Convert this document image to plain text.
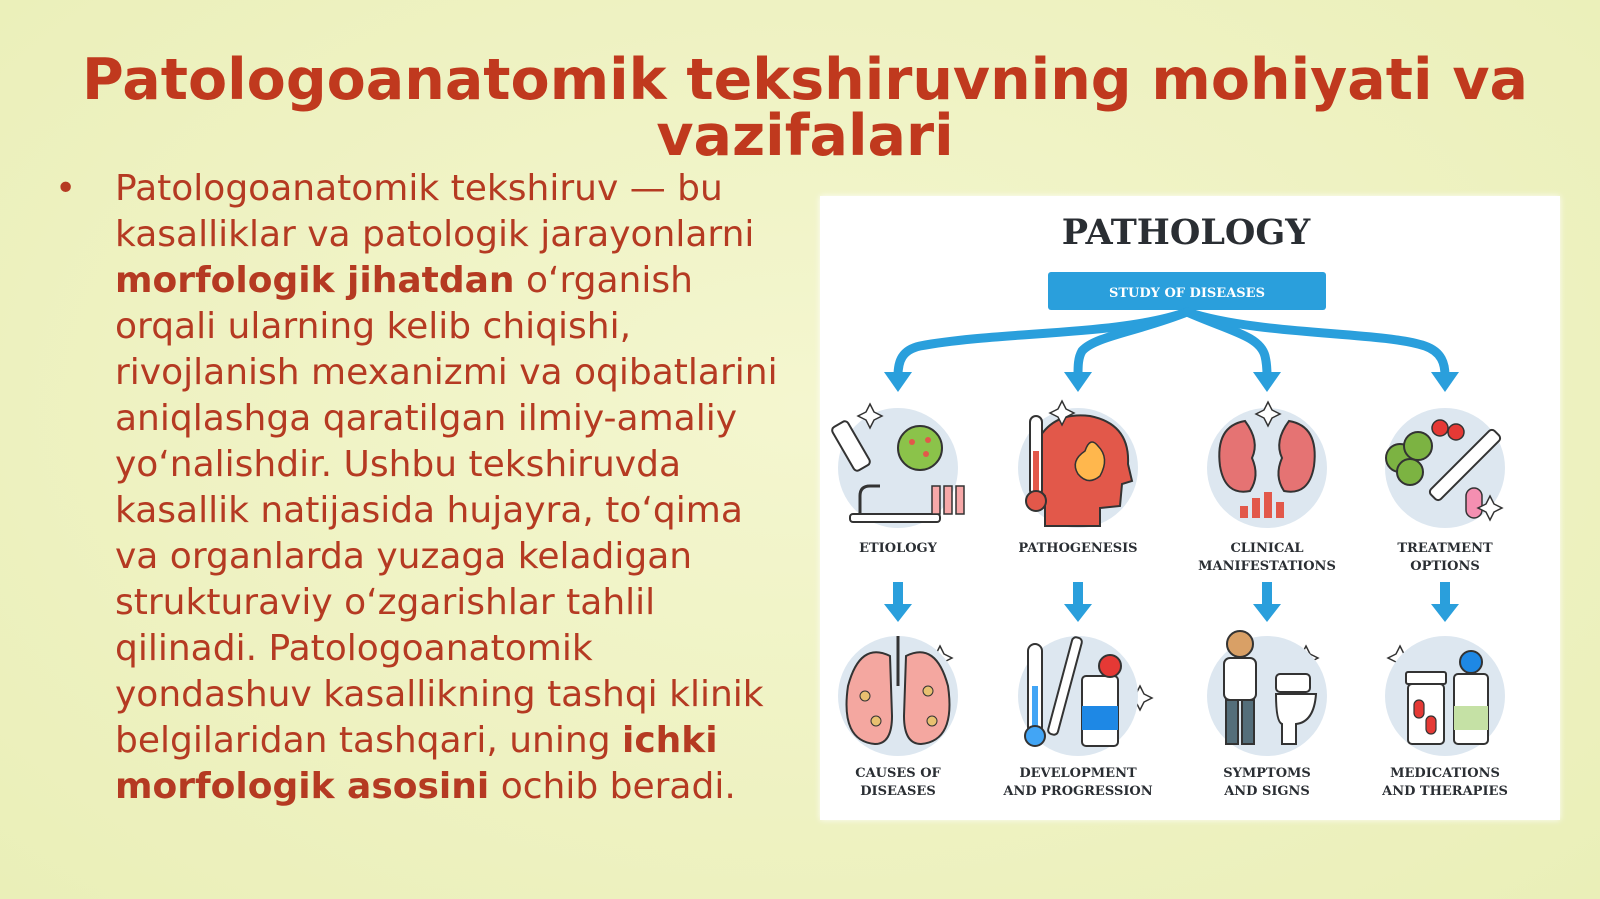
Patologoanatomik tekshiruvning mohiyati va vazifalari
• Patologoanatomik tekshiruv — bu kasalliklar va patologik jarayonlarni morfologik jihatdan oʻrganish orqali ularning kelib chiqishi, rivojlanish mexanizmi va oqibatlarini aniqlashga qaratilgan ilmiy-amaliy yoʻnalishdir. Ushbu tekshiruvda kasallik natijasida hujayra, toʻqima va organlarda yuzaga keladigan strukturaviy oʻzgarishlar tahlil qilinadi. Patologoanatomik yondashuv kasallikning tashqi klinik belgilaridan tashqari, uning ichki morfologik asosini ochib beradi.
PATHOLOGY
STUDY OF DISEASES
ETIOLOGY	PATHOGENESIS	CLINICAL
MANIFESTATIONS
TREATMENT
OPTIONS
CAUSES OF
DISEASES
DEVELOPMENT
AND PROGRESSION
SYMPTOMS
AND SIGNS
MEDICATIONS
AND THERAPIES
